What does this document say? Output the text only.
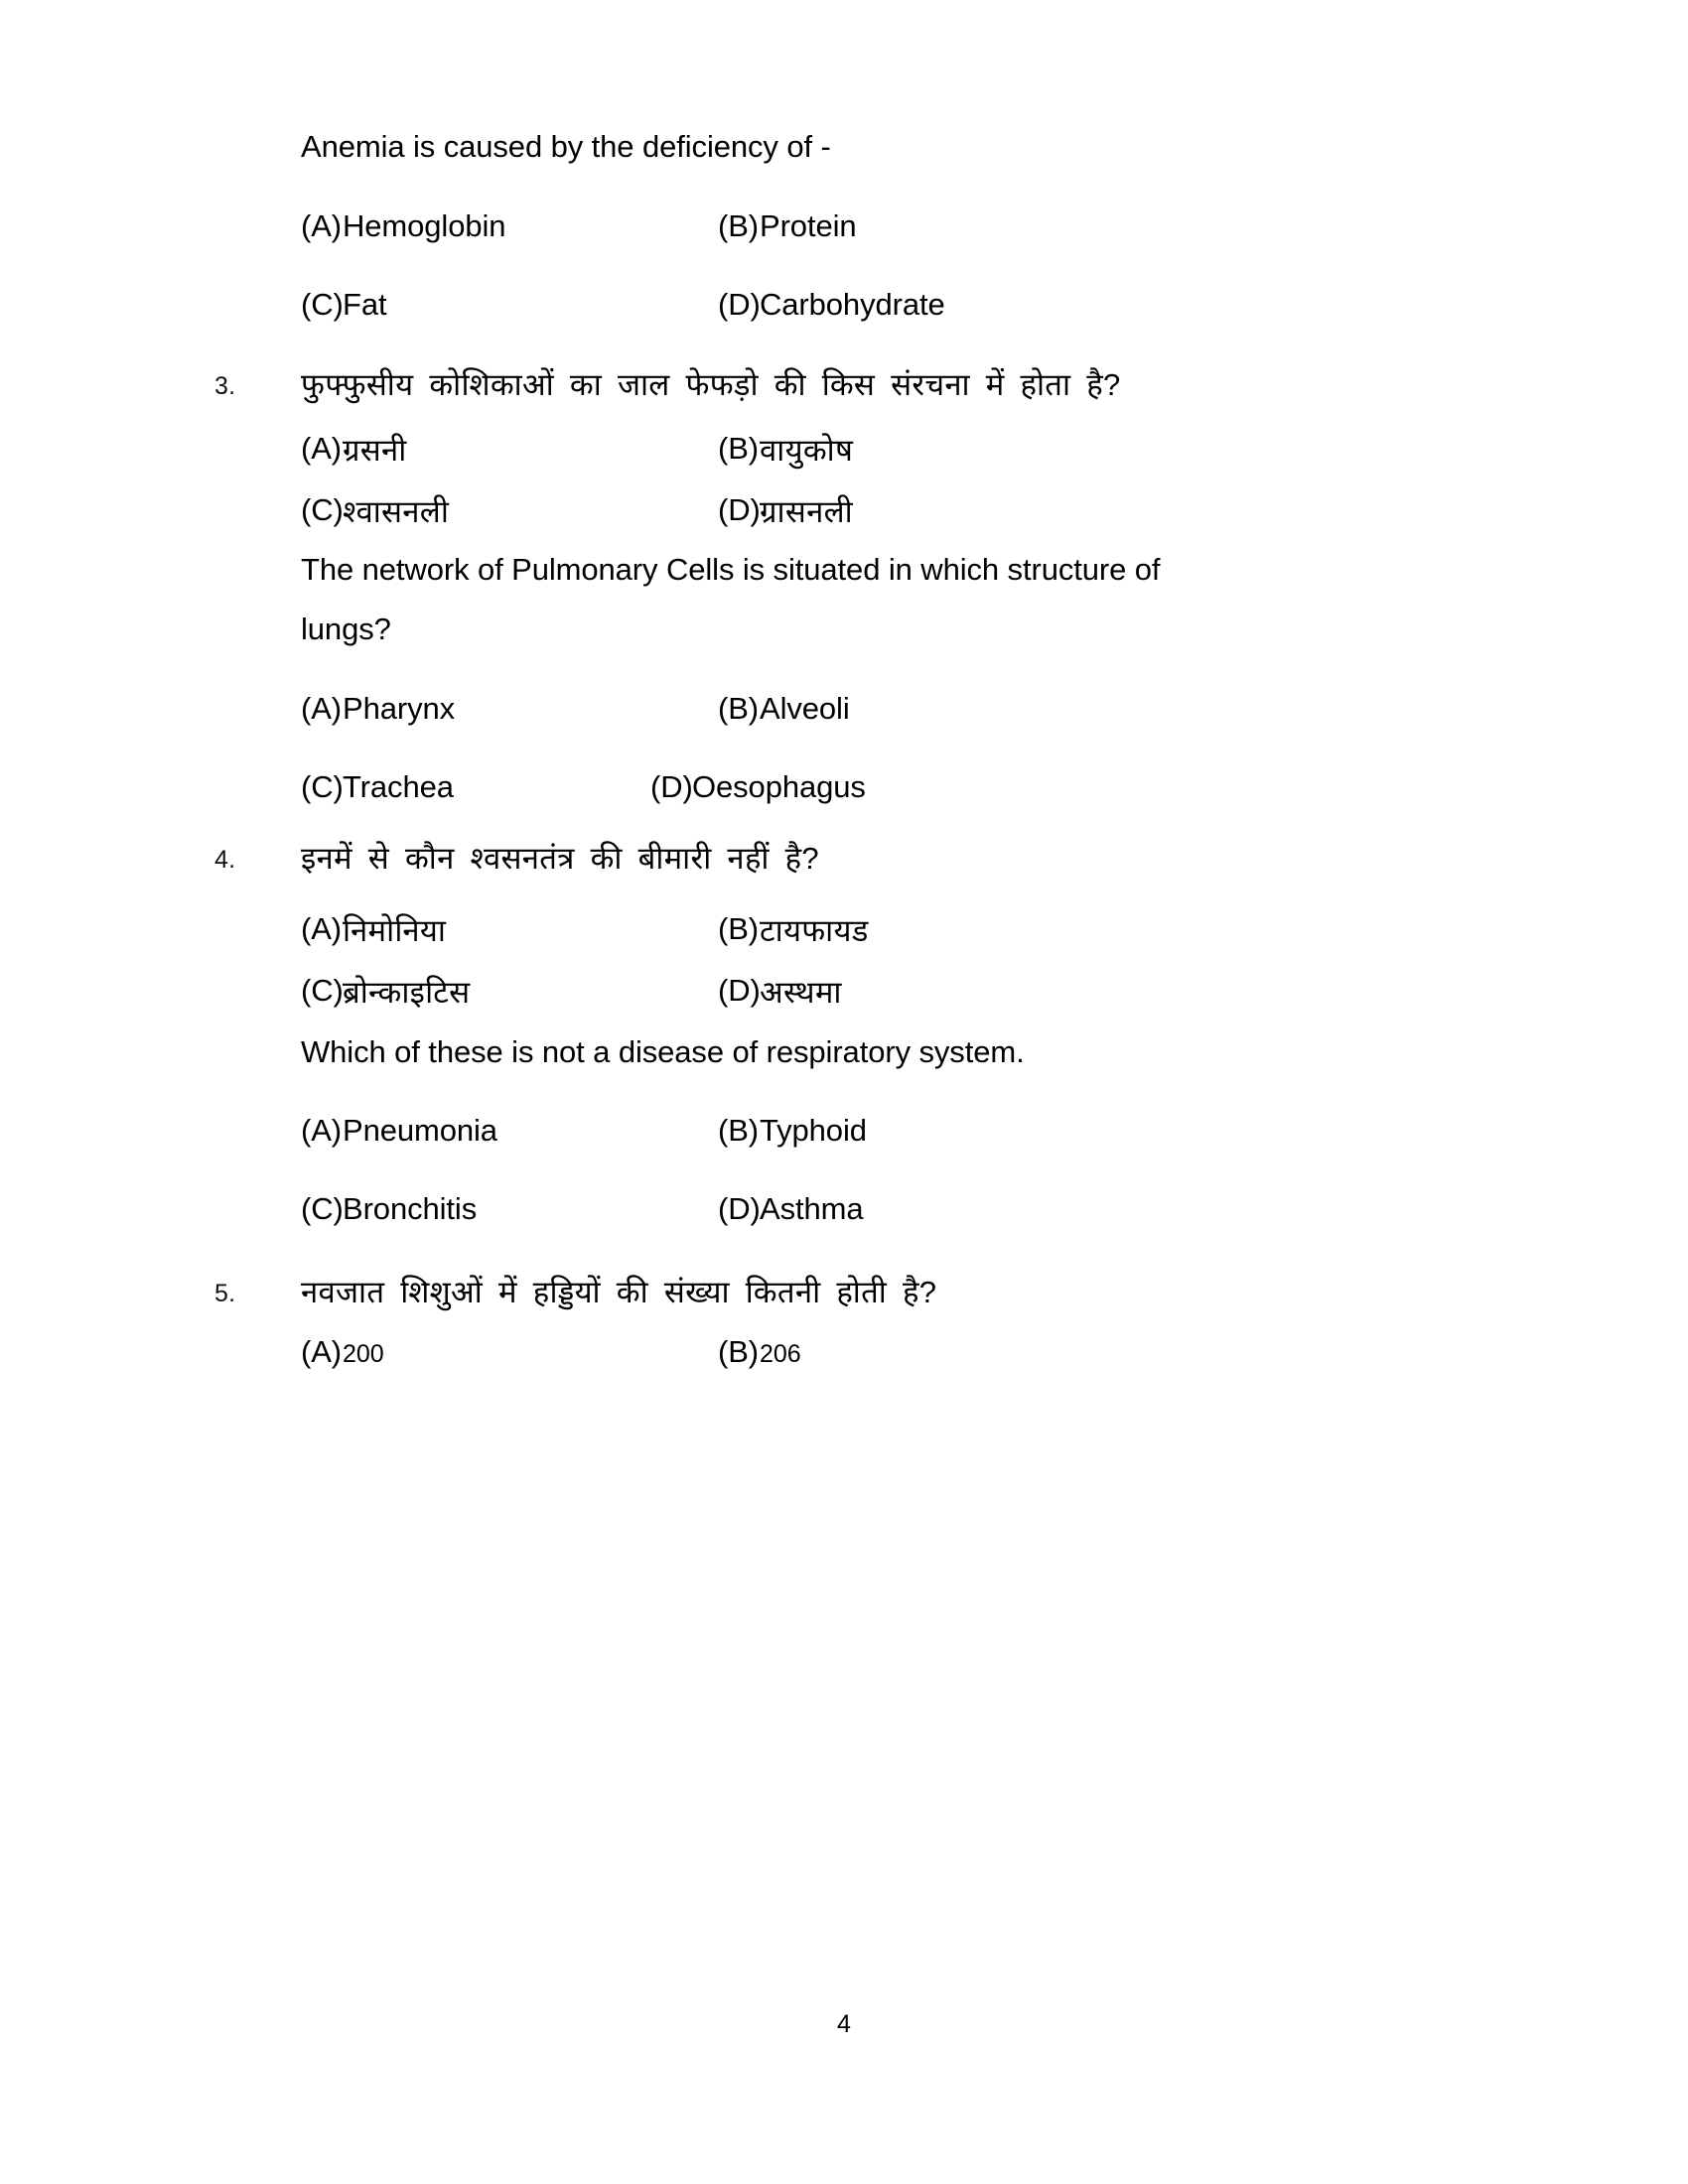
Anemia is caused by the deficiency of -
(A) Hemoglobin	(B) Protein
(C) Fat	(D) Carbohydrate
3. फुफ्फुसीय कोशिकाओं का जाल फेफड़ो की किस संरचना में होता है?
(A) ग्रसनी	(B) वायुकोष
(C) श्वासनली	(D) ग्रासनली
The network of Pulmonary Cells is situated in which structure of
lungs?
(A) Pharynx	(B) Alveoli
(C) Trachea	(D) Oesophagus
4. इनमें से कौन श्वसनतंत्र की बीमारी नहीं है?
(A) निमोनिया	(B) टायफायड
(C) ब्रोन्काइटिस	(D) अस्थमा
Which of these is not a disease of respiratory system.
(A) Pneumonia	(B) Typhoid
(C) Bronchitis	(D) Asthma
5. नवजात शिशुओं में हड्डियों की संख्या कितनी होती है?
(A) 200	(B) 206
4
